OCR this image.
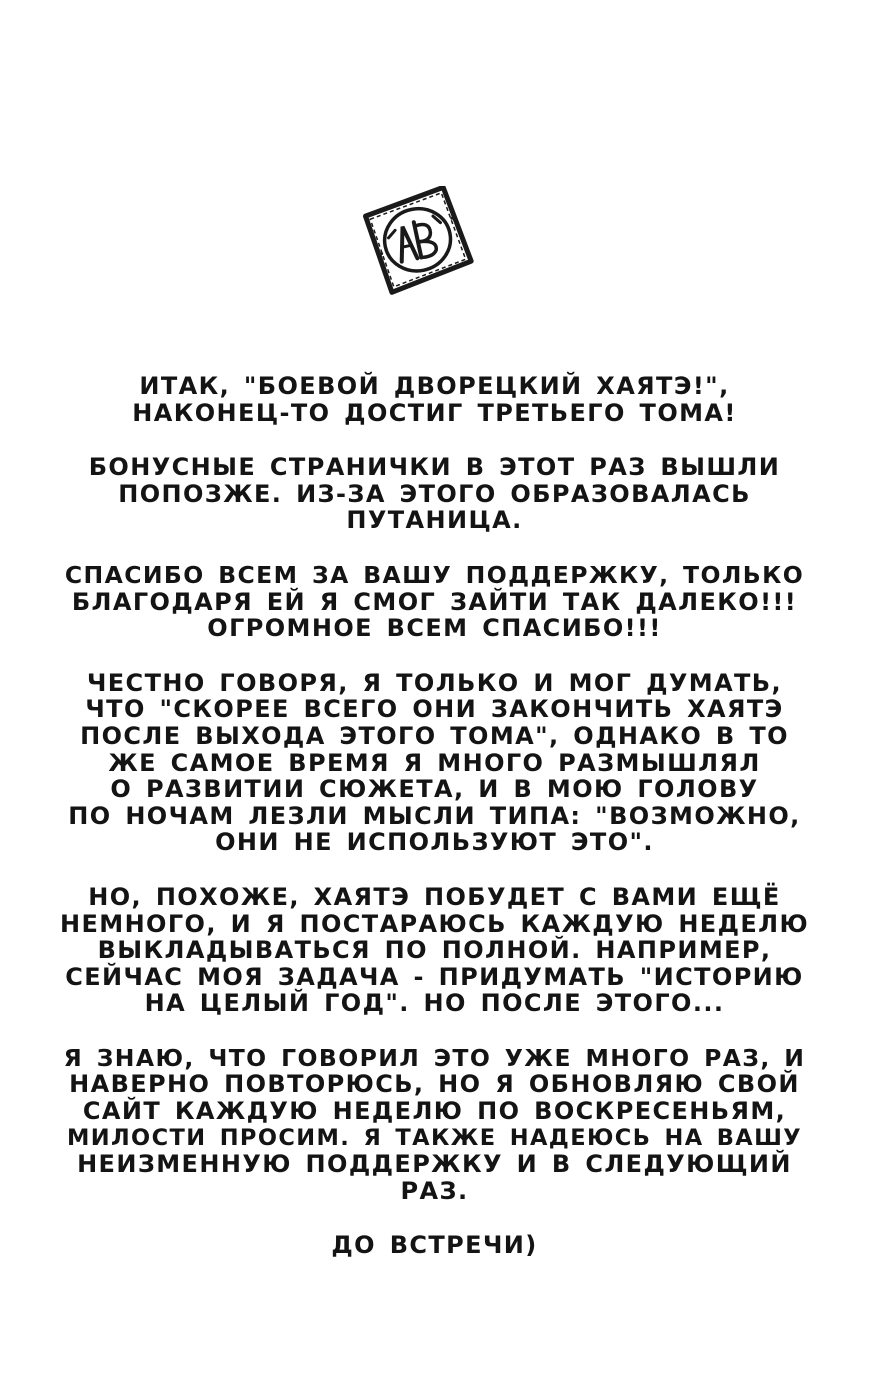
ИТАК, "БОЕВОЙ ДВОРЕЦКИЙ ХАЯТЭ!",
НАКОНЕЦ-ТО ДОСТИГ ТРЕТЬЕГО ТОМА!

БОНУСНЫЕ СТРАНИЧКИ В ЭТОТ РАЗ ВЫШЛИ
ПОПОЗЖЕ. ИЗ-ЗА ЭТОГО ОБРАЗОВАЛАСЬ
ПУТАНИЦА.

СПАСИБО ВСЕМ ЗА ВАШУ ПОДДЕРЖКУ, ТОЛЬКО
БЛАГОДАРЯ ЕЙ Я СМОГ ЗАЙТИ ТАК ДАЛЕКО!!!
ОГРОМНОЕ ВСЕМ СПАСИБО!!!

ЧЕСТНО ГОВОРЯ, Я ТОЛЬКО И МОГ ДУМАТЬ,
ЧТО "СКОРЕЕ ВСЕГО ОНИ ЗАКОНЧИТЬ ХАЯТЭ
ПОСЛЕ ВЫХОДА ЭТОГО ТОМА", ОДНАКО В ТО
ЖЕ САМОЕ ВРЕМЯ Я МНОГО РАЗМЫШЛЯЛ
О РАЗВИТИИ СЮЖЕТА, И В МОЮ ГОЛОВУ
ПО НОЧАМ ЛЕЗЛИ МЫСЛИ ТИПА: "ВОЗМОЖНО,
ОНИ НЕ ИСПОЛЬЗУЮТ ЭТО".

НО, ПОХОЖЕ, ХАЯТЭ ПОБУДЕТ С ВАМИ ЕЩЁ
НЕМНОГО, И Я ПОСТАРАЮСЬ КАЖДУЮ НЕДЕЛЮ
ВЫКЛАДЫВАТЬСЯ ПО ПОЛНОЙ. НАПРИМЕР,
СЕЙЧАС МОЯ ЗАДАЧА - ПРИДУМАТЬ "ИСТОРИЮ
НА ЦЕЛЫЙ ГОД". НО ПОСЛЕ ЭТОГО...

Я ЗНАЮ, ЧТО ГОВОРИЛ ЭТО УЖЕ МНОГО РАЗ, И
НАВЕРНО ПОВТОРЮСЬ, НО Я ОБНОВЛЯЮ СВОЙ
САЙТ КАЖДУЮ НЕДЕЛЮ ПО ВОСКРЕСЕНЬЯМ,
МИЛОСТИ ПРОСИМ. Я ТАКЖЕ НАДЕЮСЬ НА ВАШУ
НЕИЗМЕННУЮ ПОДДЕРЖКУ И В СЛЕДУЮЩИЙ
РАЗ.

ДО ВСТРЕЧИ)
